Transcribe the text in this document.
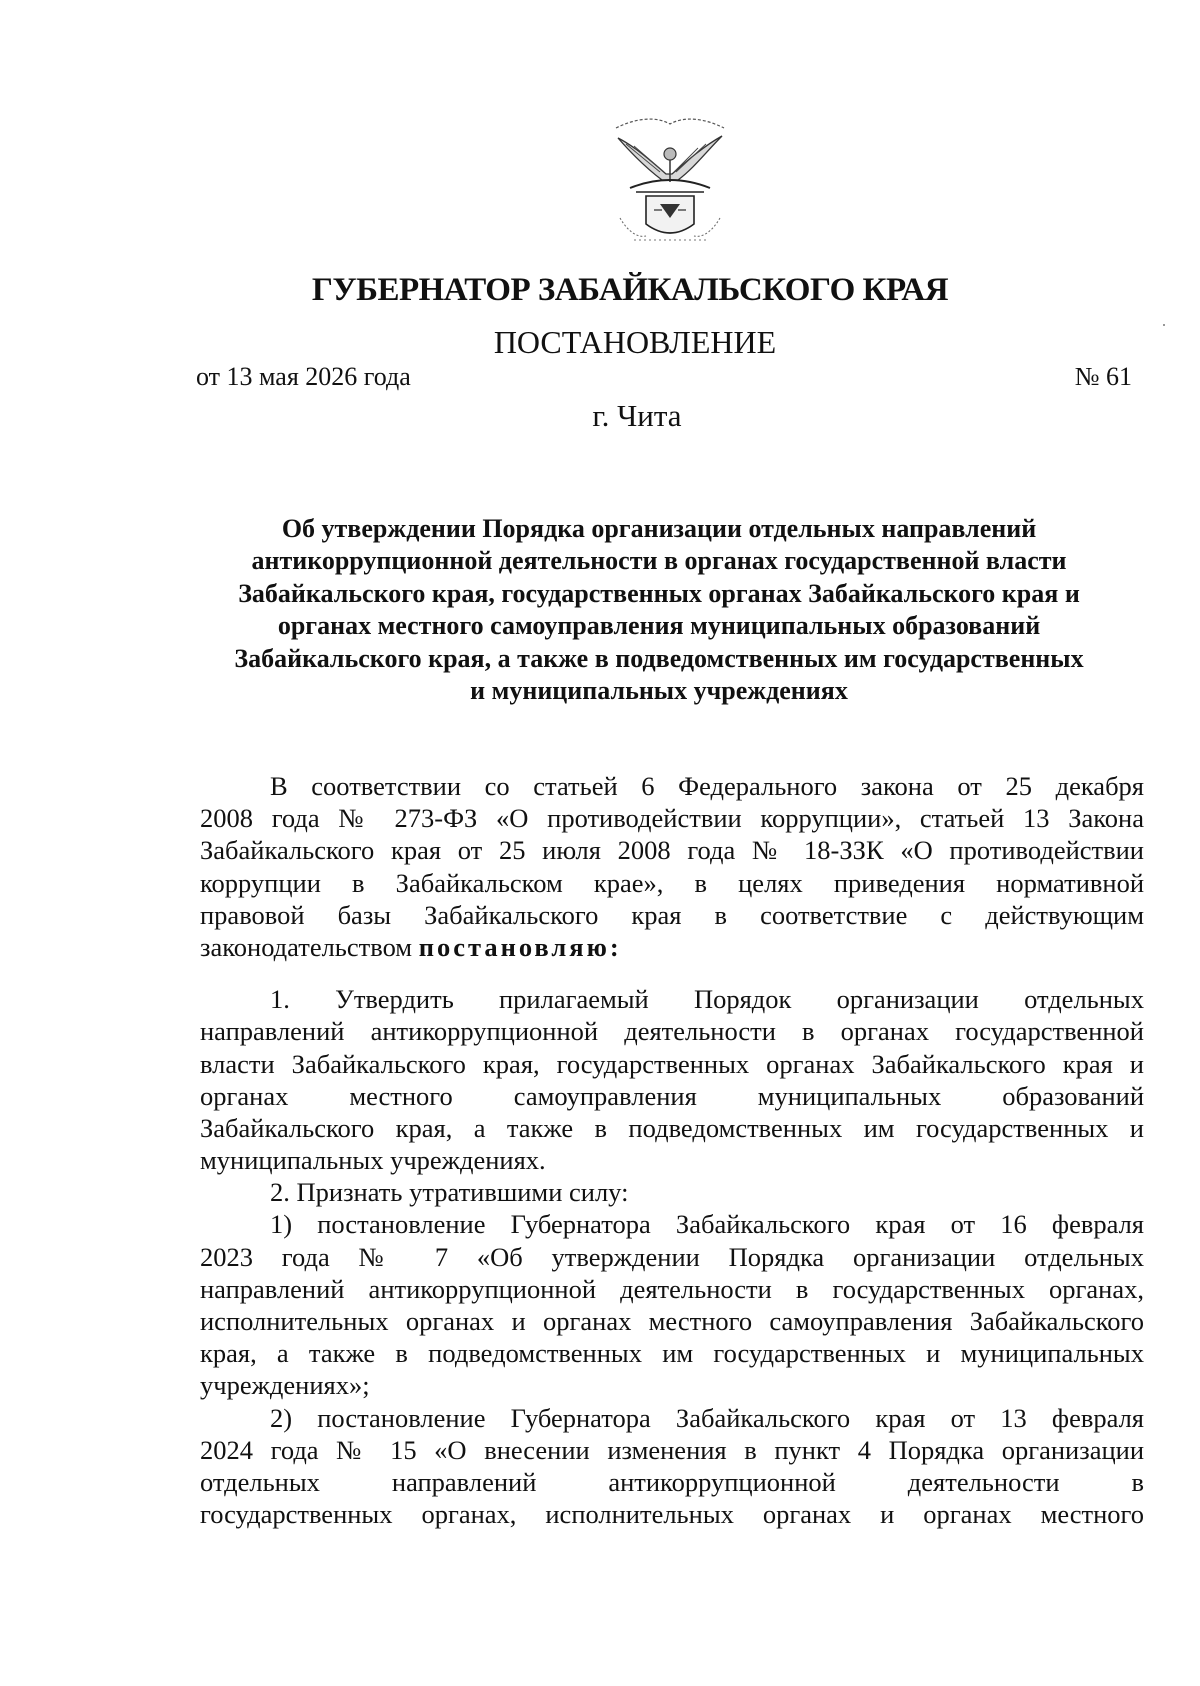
ГУБЕРНАТОР ЗАБАЙКАЛЬСКОГО КРАЯ
ПОСТАНОВЛЕНИЕ
от 13 мая 2026 года	№ 61
г. Чита
Об утверждении Порядка организации отдельных направлений
антикоррупционной деятельности в органах государственной власти
Забайкальского края, государственных органах Забайкальского края и
органах местного самоуправления муниципальных образований
Забайкальского края, а также в подведомственных им государственных
и муниципальных учреждениях
В соответствии со статьей 6 Федерального закона от 25 декабря
2008 года № 273-ФЗ «О противодействии коррупции», статьей 13 Закона
Забайкальского края от 25 июля 2008 года № 18-ЗЗК «О противодействии
коррупции в Забайкальском крае», в целях приведения нормативной
правовой базы Забайкальского края в соответствие с действующим
законодательством постановляю:
1. Утвердить прилагаемый Порядок организации отдельных
направлений антикоррупционной деятельности в органах государственной
власти Забайкальского края, государственных органах Забайкальского края и
органах местного самоуправления муниципальных образований
Забайкальского края, а также в подведомственных им государственных и
муниципальных учреждениях.
2. Признать утратившими силу:
1) постановление Губернатора Забайкальского края от 16 февраля
2023 года № 7 «Об утверждении Порядка организации отдельных
направлений антикоррупционной деятельности в государственных органах,
исполнительных органах и органах местного самоуправления Забайкальского
края, а также в подведомственных им государственных и муниципальных
учреждениях»;
2) постановление Губернатора Забайкальского края от 13 февраля
2024 года № 15 «О внесении изменения в пункт 4 Порядка организации
отдельных направлений антикоррупционной деятельности в
государственных органах, исполнительных органах и органах местного
